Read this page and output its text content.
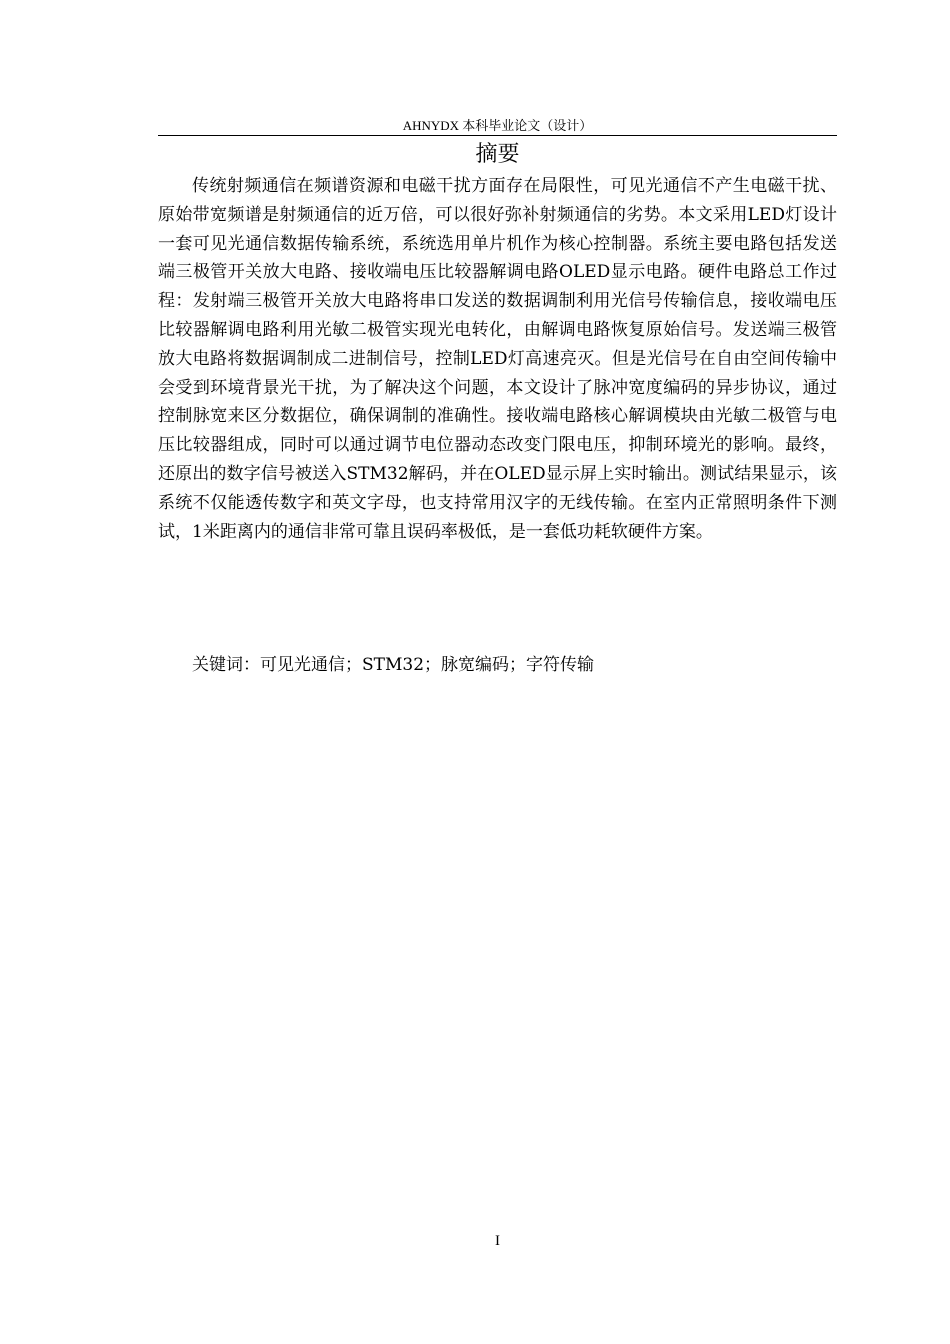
AHNYDX 本科毕业论文（设计）
摘要
传统射频通信在频谱资源和电磁干扰方面存在局限性，可见光通信不产生电磁干扰、原始带宽频谱是射频通信的近万倍，可以很好弥补射频通信的劣势。本文采用LED灯设计一套可见光通信数据传输系统，系统选用单片机作为核心控制器。系统主要电路包括发送端三极管开关放大电路、接收端电压比较器解调电路OLED显示电路。硬件电路总工作过程：发射端三极管开关放大电路将串口发送的数据调制利用光信号传输信息，接收端电压比较器解调电路利用光敏二极管实现光电转化，由解调电路恢复原始信号。发送端三极管放大电路将数据调制成二进制信号，控制LED灯高速亮灭。但是光信号在自由空间传输中会受到环境背景光干扰，为了解决这个问题，本文设计了脉冲宽度编码的异步协议，通过控制脉宽来区分数据位，确保调制的准确性。接收端电路核心解调模块由光敏二极管与电压比较器组成，同时可以通过调节电位器动态改变门限电压，抑制环境光的影响。最终，还原出的数字信号被送入STM32解码，并在OLED显示屏上实时输出。测试结果显示，该系统不仅能透传数字和英文字母，也支持常用汉字的无线传输。在室内正常照明条件下测试，1米距离内的通信非常可靠且误码率极低，是一套低功耗软硬件方案。
关键词：可见光通信；STM32；脉宽编码；字符传输
I
